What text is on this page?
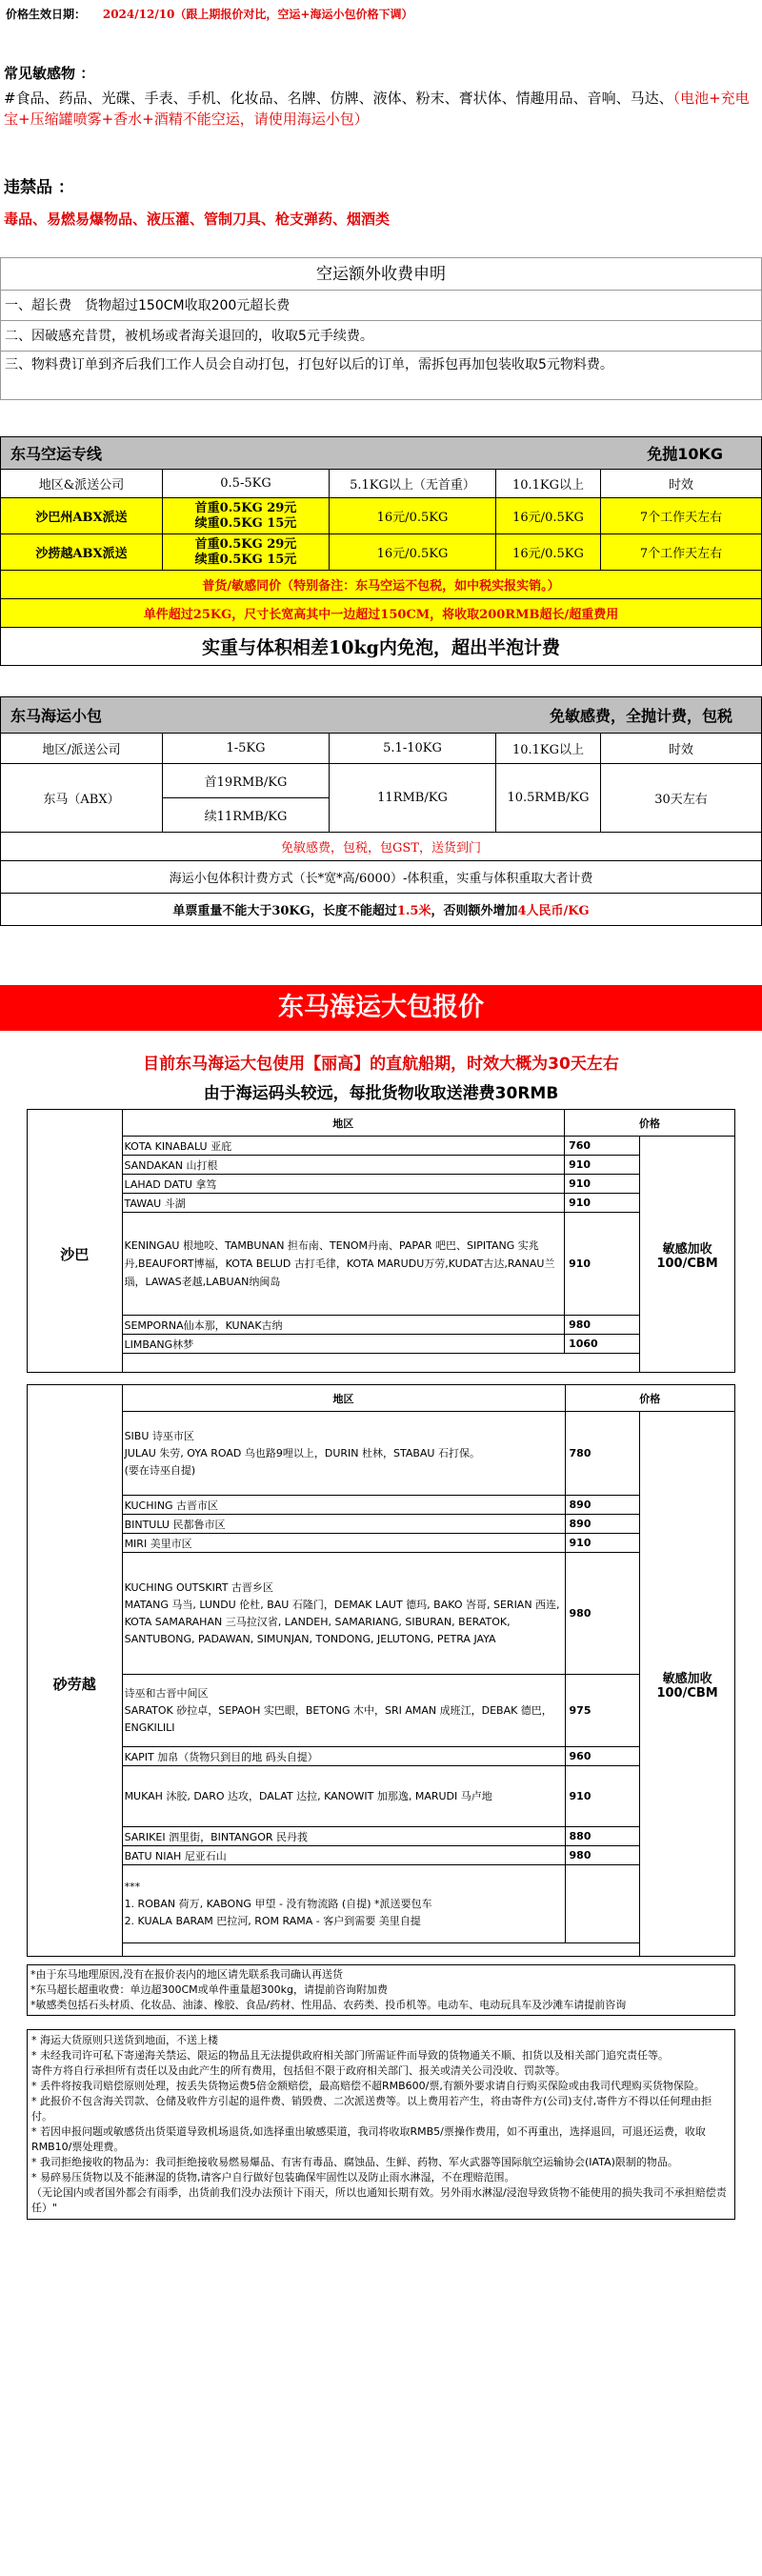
价格生效日期： 2024/12/10（跟上期报价对比，空运+海运小包价格下调）
常见敏感物 ：
#食品、药品、光碟、手表、手机、化妆品、名牌、仿牌、液体、粉末、膏状体、情趣用品、音响、马达、（电池+充电宝+压缩罐喷雾+香水+酒精不能空运，请使用海运小包）
违禁品 ：
毒品、易燃易爆物品、液压灌、管制刀具、枪支弹药、烟酒类
空运额外收费申明
一、超长费　货物超过150CM收取200元超长费
二、因破感充昔贯，被机场或者海关退回的，收取5元手续费。
三、物料费订单到齐后我们工作人员会自动打包，打包好以后的订单，需拆包再加包装收取5元物料费。
东马空运专线 免抛10KG				

地区&派送公司	0.5-5KG	5.1KG以上（无首重）	10.1KG以上	时效
沙巴州ABX派送	首重0.5KG 29元
续重0.5KG 15元	16元/0.5KG	16元/0.5KG	7个工作天左右
沙捞越ABX派送	首重0.5KG 29元
续重0.5KG 15元	16元/0.5KG	16元/0.5KG	7个工作天左右
普货/敏感同价（特别备注：东马空运不包税，如中税实报实销。）				
单件超过25KG，尺寸长宽高其中一边超过150CM，将收取200RMB超长/超重费用				
实重与体积相差10kg内免泡，超出半泡计费				
东马海运小包 免敏感费，全抛计费，包税				

地区/派送公司	1-5KG	5.1-10KG	10.1KG以上	时效
东马（ABX）	首19RMB/KG	11RMB/KG	10.5RMB/KG	30天左右
	续11RMB/KG			
免敏感费，包税，包GST，送货到门				
海运小包体积计费方式（长*宽*高/6000）-体积重，实重与体积重取大者计费				
单票重量不能大于30KG，长度不能超过1.5米，否则额外增加4人民币/KG				
东马海运大包报价
目前东马海运大包使用【丽高】的直航船期，时效大概为30天左右
由于海运码头较远，每批货物收取送港费30RMB
	地区	价格	
沙巴	KOTA KINABALU 亚庇	760	敏感加收100/CBM
	SANDAKAN 山打根	910	
	LAHAD DATU 拿笃	910	
	TAWAU 斗湖	910	
	KENINGAU 根地咬、TAMBUNAN 担布南、TENOM丹南、PAPAR 吧巴、SIPITANG 实兆丹,BEAUFORT博福，KOTA BELUD 古打毛律，KOTA MARUDU万劳,KUDAT古达,RANAU兰瑙，LAWAS老越,LABUAN纳闽岛	910	
	SEMPORNA仙本那，KUNAK古纳	980	
	LIMBANG林梦	1060	

	地区	价格	
砂劳越	SIBU 诗巫市区
JULAU 朱劳, OYA ROAD 乌也路9哩以上，DURIN 杜林，STABAU 石打保。
(要在诗巫自提)	780	敏感加收100/CBM
	KUCHING 古晋市区	890	
	BINTULU 民都鲁市区	890	
	MIRI 美里市区	910	
	KUCHING OUTSKIRT 古晋乡区
MATANG 马当, LUNDU 伦杜, BAU 石隆门，DEMAK LAUT 德玛, BAKO 峇哥, SERIAN 西连, KOTA SAMARAHAN 三马拉汉省, LANDEH, SAMARIANG, SIBURAN, BERATOK, SANTUBONG, PADAWAN, SIMUNJAN, TONDONG, JELUTONG, PETRA JAYA	980	
	诗巫和古晋中间区
SARATOK 砂拉卓，SEPAOH 实巴眼，BETONG 木中，SRI AMAN 成班江，DEBAK 德巴，ENGKILILI	975	
	KAPIT 加帛（货物只到目的地 码头自提）	960	
	MUKAH 沐胶, DARO 达攻，DALAT 达拉, KANOWIT 加那逸, MARUDI 马卢地	910	
	SARIKEI 泗里街，BINTANGOR 民丹莪	880	
	BATU NIAH 尼亚石山	980	
	***
1. ROBAN 荷万, KABONG 甲望 - 没有物流路 (自提) *派送要包车
2. KUALA BARAM 巴拉河, ROM RAMA - 客户到需要 美里自提		

*由于东马地理原因,没有在报价表内的地区请先联系我司确认再送货
*东马超长超重收费：单边超300CM或单件重量超300kg，请提前咨询附加费
*敏感类包括石头材质、化妆品、油漆、橡胶、食品/药材、性用品、农药类、投币机等。电动车、电动玩具车及沙滩车请提前咨询
* 海运大货原则只送货到地面，不送上楼
* 未经我司许可私下寄递海关禁运、限运的物品且无法提供政府相关部门所需证件而导致的货物通关不顺、扣货以及相关部门追究责任等。
寄件方将自行承担所有责任以及由此产生的所有费用，包括但不限于政府相关部门、报关或清关公司没收、罚款等。
* 丢件将按我司赔偿原则处理，按丢失货物运费5倍金额赔偿，最高赔偿不超RMB600/票,有额外要求请自行购买保险或由我司代理购买货物保险。
* 此报价不包含海关罚款、仓储及收件方引起的退件费、销毁费、二次派送费等。以上费用若产生，将由寄件方(公司)支付,寄件方不得以任何理由拒付。
* 若因申报问题或敏感货出货渠道导致机场退货,如选择重出敏感渠道，我司将收取RMB5/票操作费用，如不再重出，选择退回，可退还运费，收取RMB10/票处理费。
* 我司拒绝接收的物品为：我司拒绝接收易燃易爆品、有害有毒品、腐蚀品、生鲜、药物、军火武器等国际航空运输协会(IATA)限制的物品。
* 易碎易压货物以及不能淋湿的货物,请客户自行做好包装确保牢固性以及防止雨水淋湿，不在理赔范围。
（无论国内或者国外都会有雨季，出货前我们没办法预计下雨天，所以也通知长期有效。另外雨水淋湿/浸泡导致货物不能使用的损失我司不承担赔偿责任）"
